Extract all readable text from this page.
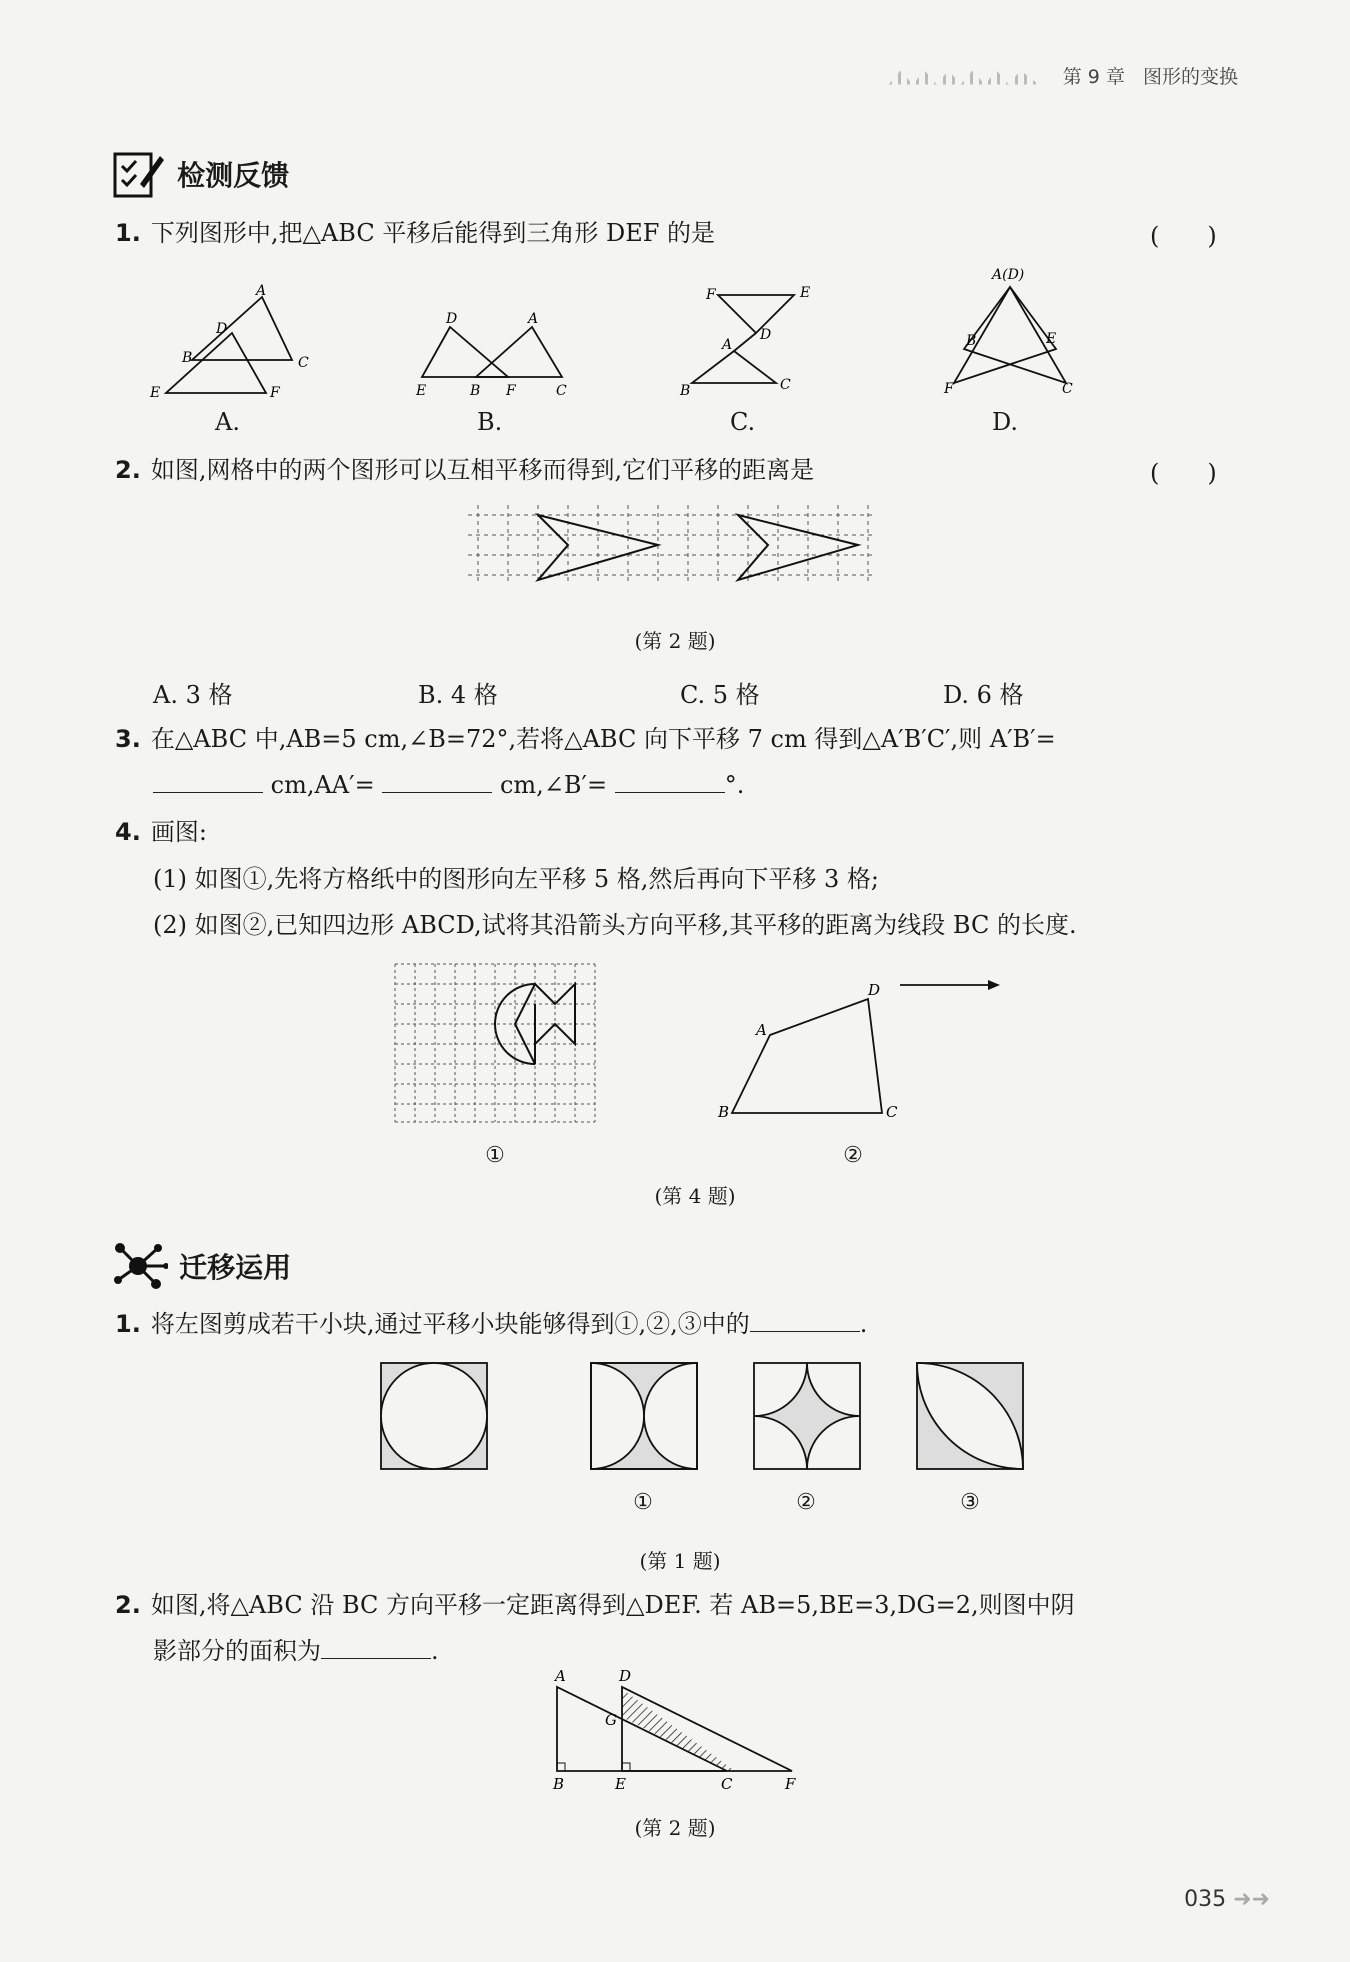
第 9 章 图形的变换
检测反馈
1. 下列图形中,把△ABC 平移后能得到三角形 DEF 的是	(　　)
A
D
B	C
E	F
D	A
E	B F	C
F	E
D
A
B	C
A(D)
B	E
F	C
A.	B.	C.	D.
2. 如图,网格中的两个图形可以互相平移而得到,它们平移的距离是	(　　)
(第 2 题)
A. 3 格	B. 4 格	C. 5 格	D. 6 格
3. 在△ABC 中,AB=5 cm,∠B=72°,若将△ABC 向下平移 7 cm 得到△A′B′C′,则 A′B′=
cm,AA′=	cm,∠B′=	°.
4. 画图:
(1) 如图①,先将方格纸中的图形向左平移 5 格,然后再向下平移 3 格;
(2) 如图②,已知四边形 ABCD,试将其沿箭头方向平移,其平移的距离为线段 BC 的长度.
A
D
B	C
①	②
(第 4 题)
迁移运用
1. 将左图剪成若干小块,通过平移小块能够得到①,②,③中的	.
①	②	③
(第 1 题)
2. 如图,将△ABC 沿 BC 方向平移一定距离得到△DEF. 若 AB=5,BE=3,DG=2,则图中阴
影部分的面积为	.
A	D
G
B	E	C	F
(第 2 题)
035 ➜➜
